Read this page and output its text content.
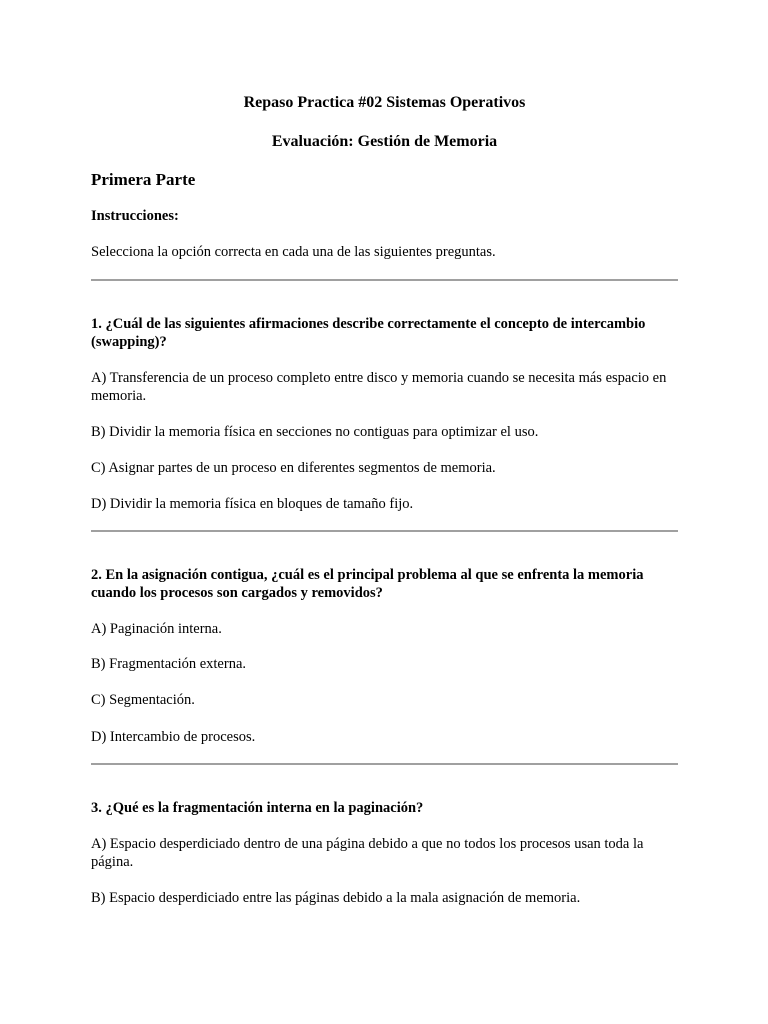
Repaso Practica #02 Sistemas Operativos

Evaluación: Gestión de Memoria

Primera Parte

Instrucciones:

Selecciona la opción correcta en cada una de las siguientes preguntas.

1. ¿Cuál de las siguientes afirmaciones describe correctamente el concepto de intercambio (swapping)?

A) Transferencia de un proceso completo entre disco y memoria cuando se necesita más espacio en memoria.

B) Dividir la memoria física en secciones no contiguas para optimizar el uso.

C) Asignar partes de un proceso en diferentes segmentos de memoria.

D) Dividir la memoria física en bloques de tamaño fijo.

2. En la asignación contigua, ¿cuál es el principal problema al que se enfrenta la memoria cuando los procesos son cargados y removidos?

A) Paginación interna.

B) Fragmentación externa.

C) Segmentación.

D) Intercambio de procesos.

3. ¿Qué es la fragmentación interna en la paginación?

A) Espacio desperdiciado dentro de una página debido a que no todos los procesos usan toda la página.

B) Espacio desperdiciado entre las páginas debido a la mala asignación de memoria.
